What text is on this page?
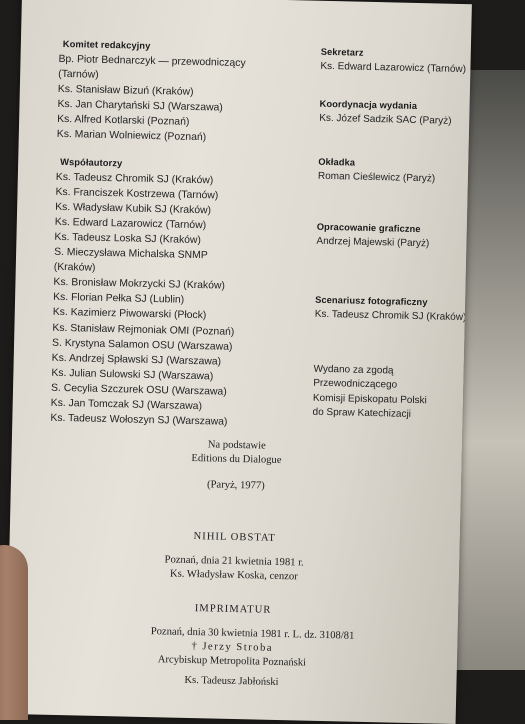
Komitet redakcyjny
Bp. Piotr Bednarczyk — przewodniczący
(Tarnów)
Ks. Stanisław Bizuń (Kraków)
Ks. Jan Charytański SJ (Warszawa)
Ks. Alfred Kotlarski (Poznań)
Ks. Marian Wolniewicz (Poznań)
Współautorzy
Ks. Tadeusz Chromik SJ (Kraków)
Ks. Franciszek Kostrzewa (Tarnów)
Ks. Władysław Kubik SJ (Kraków)
Ks. Edward Lazarowicz (Tarnów)
Ks. Tadeusz Loska SJ (Kraków)
S. Mieczysława Michalska SNMP
(Kraków)
Ks. Bronisław Mokrzycki SJ (Kraków)
Ks. Florian Pełka SJ (Lublin)
Ks. Kazimierz Piwowarski (Płock)
Ks. Stanisław Rejmoniak OMI (Poznań)
S. Krystyna Salamon OSU (Warszawa)
Ks. Andrzej Spławski SJ (Warszawa)
Ks. Julian Sulowski SJ (Warszawa)
S. Cecylia Szczurek OSU (Warszawa)
Ks. Jan Tomczak SJ (Warszawa)
Ks. Tadeusz Wołoszyn SJ (Warszawa)
Sekretarz
Ks. Edward Lazarowicz (Tarnów)
Koordynacja wydania
Ks. Józef Sadzik SAC (Paryż)
Okładka
Roman Cieślewicz (Paryż)
Opracowanie graficzne
Andrzej Majewski (Paryż)
Scenariusz fotograficzny
Ks. Tadeusz Chromik SJ (Kraków)
Wydano za zgodą
Przewodniczącego
Komisji Episkopatu Polski
do Spraw Katechizacji
Na podstawie
Editions du Dialogue
(Paryż, 1977)
NIHIL OBSTAT
Poznań, dnia 21 kwietnia 1981 r.
Ks. Władysław Koska, cenzor
IMPRIMATUR
Poznań, dnia 30 kwietnia 1981 r. L. dz. 3108/81
† Jerzy Stroba
Arcybiskup Metropolita Poznański
Ks. Tadeusz Jabłoński
